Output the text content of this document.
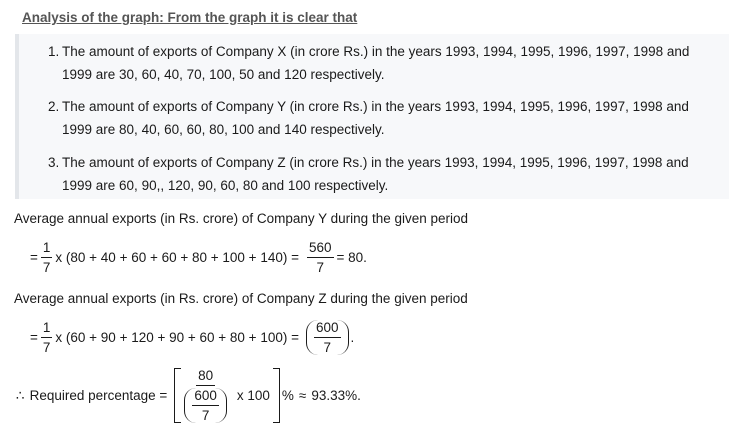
Analysis of the graph: From the graph it is clear that
1. The amount of exports of Company X (in crore Rs.) in the years 1993, 1994, 1995, 1996, 1997, 1998 and
1999 are 30, 60, 40, 70, 100, 50 and 120 respectively.
2. The amount of exports of Company Y (in crore Rs.) in the years 1993, 1994, 1995, 1996, 1997, 1998 and
1999 are 80, 40, 60, 60, 80, 100 and 140 respectively.
3. The amount of exports of Company Z (in crore Rs.) in the years 1993, 1994, 1995, 1996, 1997, 1998 and
1999 are 60, 90,, 120, 90, 60, 80 and 100 respectively.
Average annual exports (in Rs. crore) of Company Y during the given period
= $\frac{1}{7}$ x $(80 + 40 + 60 + 60 + 80 + 100 + 140) = \frac{560}{7} = 80$.
Average annual exports (in Rs. crore) of Company Z during the given period
= $\frac{1}{7}$ x $(60 + 90 + 120 + 90 + 60 + 80 + 100) = \frac{600}{7}$ .
∴ Required percentage = $\frac{80}{\frac{600}{7}}$ x 100 % ≈ 93.33%.
